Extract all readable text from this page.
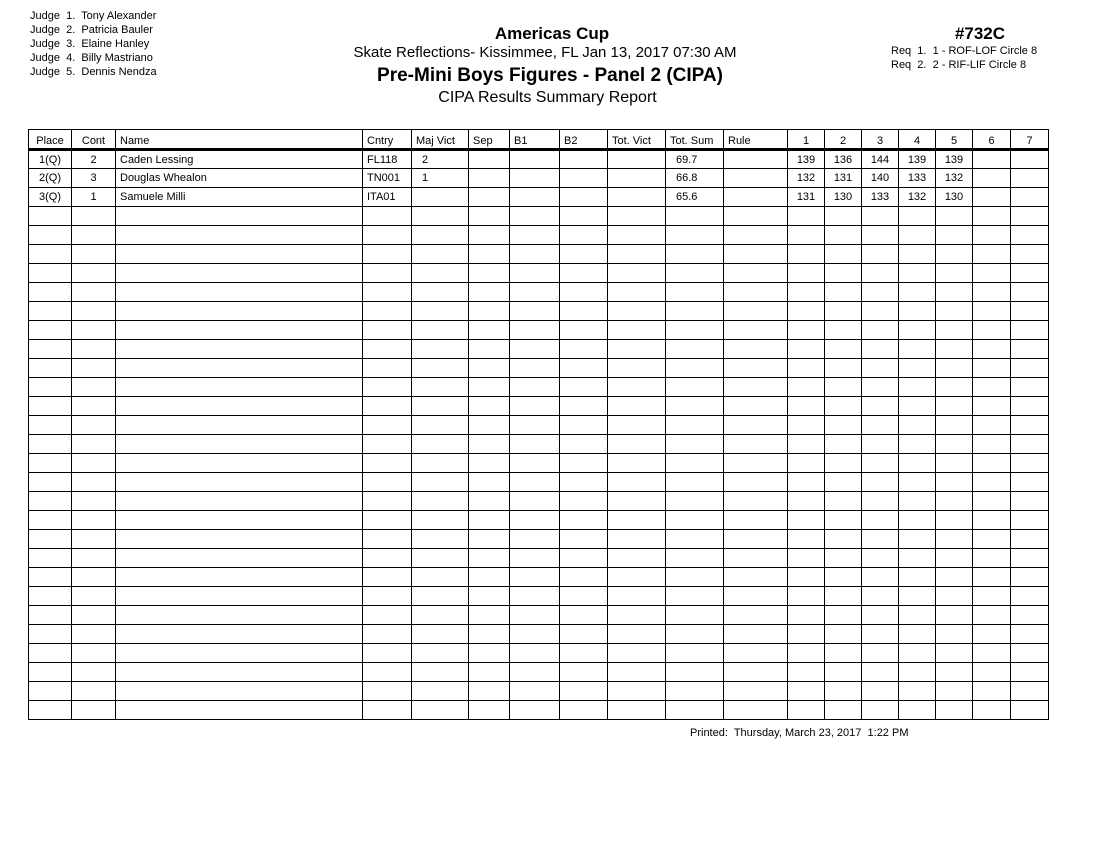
Judge  1.  Tony Alexander
Judge  2.  Patricia Bauler
Judge  3.  Elaine Hanley
Judge  4.  Billy Mastriano
Judge  5.  Dennis Nendza
Americas Cup
Skate Reflections- Kissimmee, FL Jan 13, 2017 07:30 AM
Pre-Mini Boys Figures - Panel 2 (CIPA)
CIPA Results Summary Report
#732C
Req  1.  1 - ROF-LOF Circle 8
Req  2.  2 - RIF-LIF Circle 8
Place	Cont	Name	Cntry	Maj Vict	Sep	B1	B2	Tot. Vict	Tot. Sum	Rule	1	2	3	4	5	6	7
1(Q)	2	Caden Lessing	FL118	2					69.7		139	136	144	139	139		
2(Q)	3	Douglas Whealon	TN001	1					66.8		132	131	140	133	132		
3(Q)	1	Samuele Milli	ITA01						65.6		131	130	133	132	130		

Printed:  Thursday, March 23, 2017  1:22 PM
